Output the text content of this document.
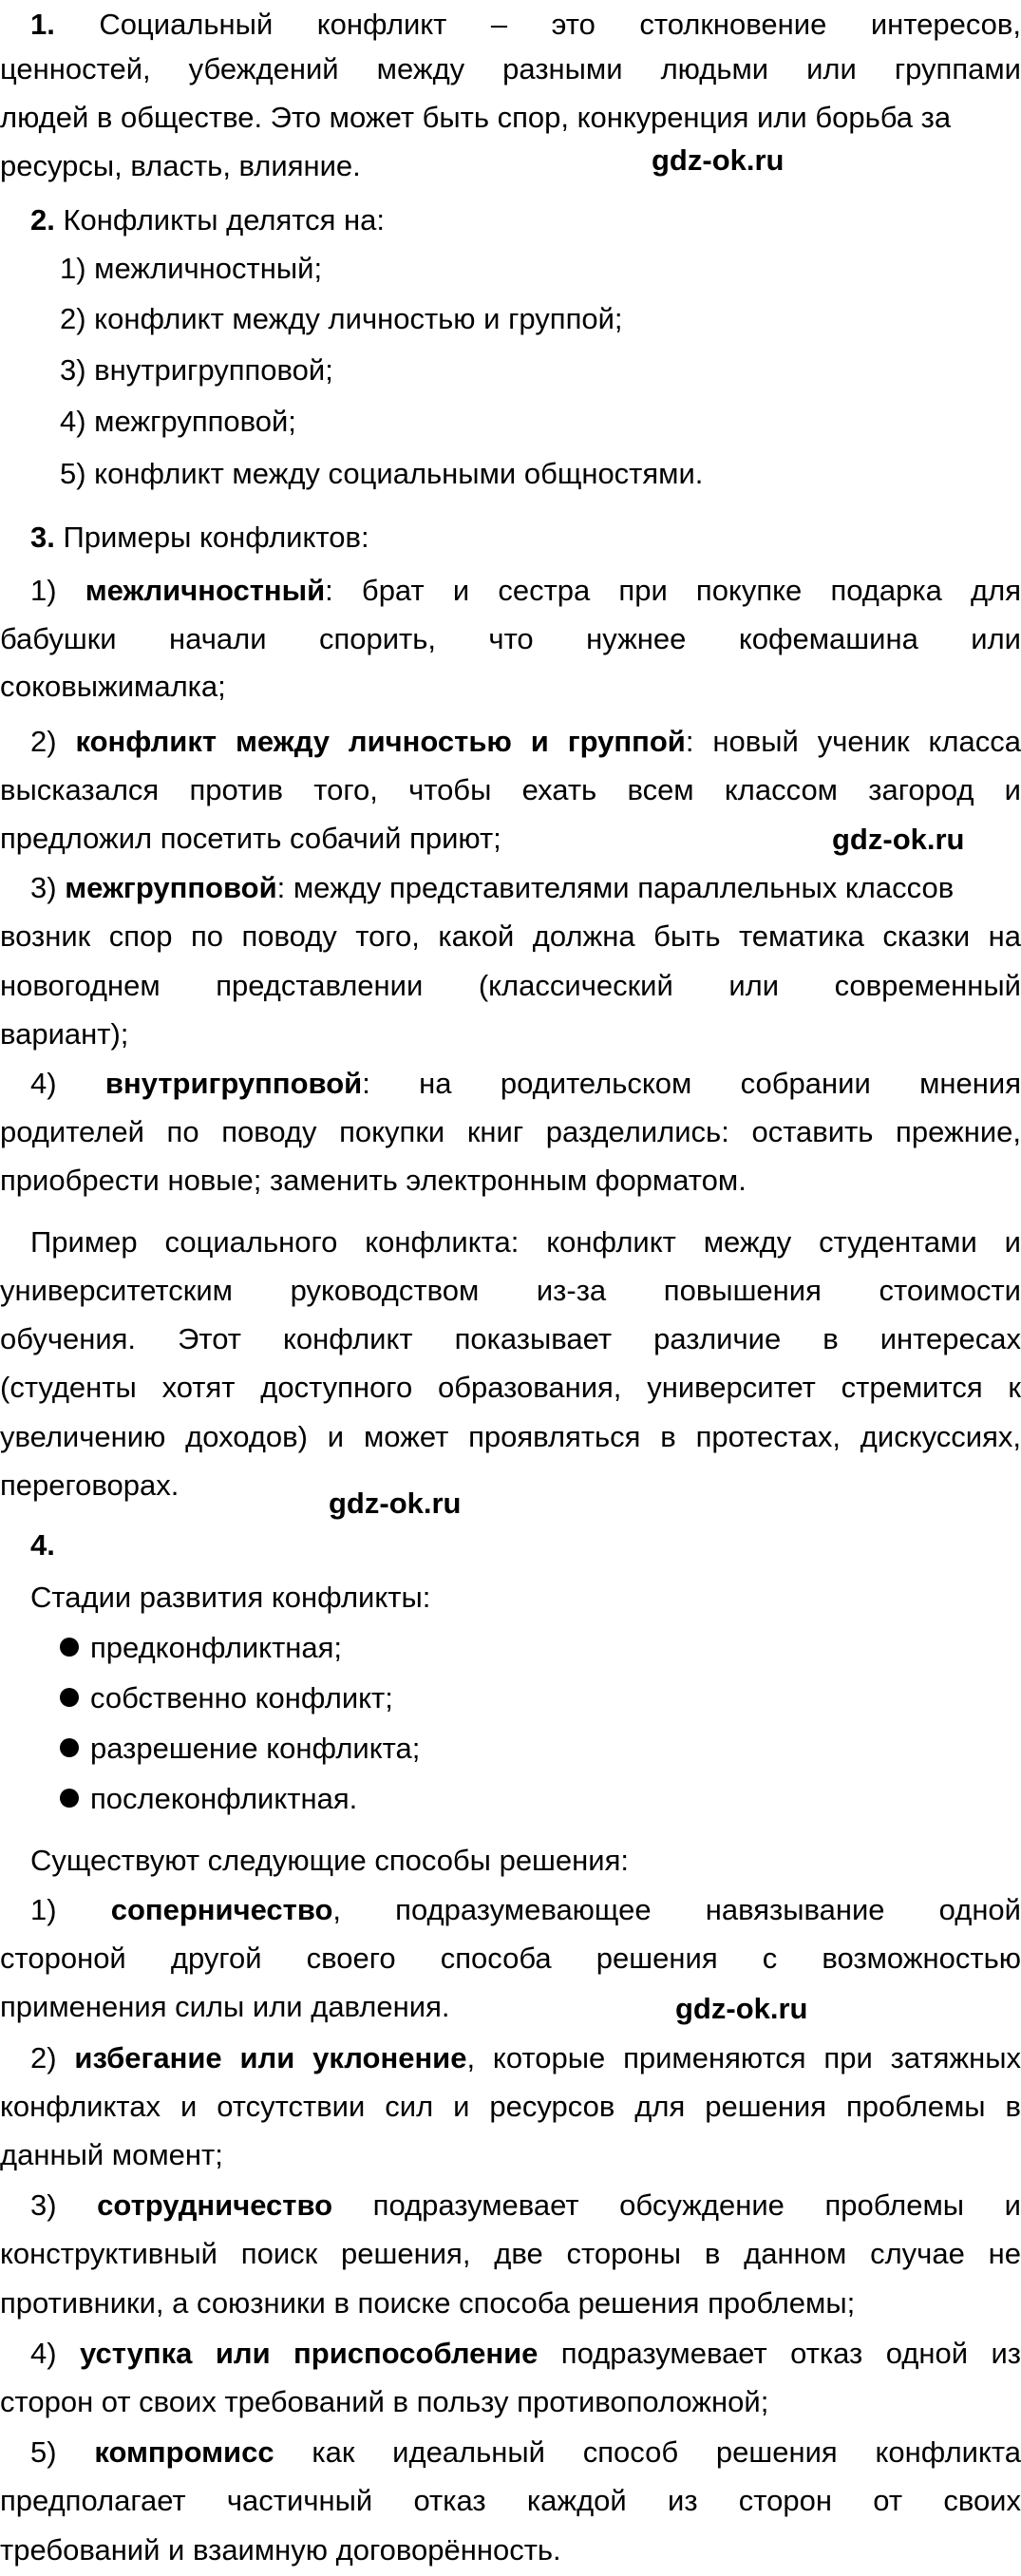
1. Социальный конфликт – это столкновение интересов,
ценностей, убеждений между разными людьми или группами
людей в обществе. Это может быть спор, конкуренция или борьба за
ресурсы, власть, влияние.
2. Конфликты делятся на:
1) межличностный;
2) конфликт между личностью и группой;
3) внутригрупповой;
4) межгрупповой;
5) конфликт между социальными общностями.
3. Примеры конфликтов:
1) межличностный: брат и сестра при покупке подарка для
бабушки начали спорить, что нужнее кофемашина или
соковыжималка;
2) конфликт между личностью и группой: новый ученик класса
высказался против того, чтобы ехать всем классом загород и
предложил посетить собачий приют;
3) межгрупповой: между представителями параллельных классов
возник спор по поводу того, какой должна быть тематика сказки на
новогоднем представлении (классический или современный
вариант);
4) внутригрупповой: на родительском собрании мнения
родителей по поводу покупки книг разделились: оставить прежние,
приобрести новые; заменить электронным форматом.
Пример социального конфликта: конфликт между студентами и
университетским руководством из-за повышения стоимости
обучения. Этот конфликт показывает различие в интересах
(студенты хотят доступного образования, университет стремится к
увеличению доходов) и может проявляться в протестах, дискуссиях,
переговорах.
4.
Стадии развития конфликты:
предконфликтная;
собственно конфликт;
разрешение конфликта;
послеконфликтная.
Существуют следующие способы решения:
1) соперничество, подразумевающее навязывание одной
стороной другой своего способа решения с возможностью
применения силы или давления.
2) избегание или уклонение, которые применяются при затяжных
конфликтах и отсутствии сил и ресурсов для решения проблемы в
данный момент;
3) сотрудничество подразумевает обсуждение проблемы и
конструктивный поиск решения, две стороны в данном случае не
противники, а союзники в поиске способа решения проблемы;
4) уступка или приспособление подразумевает отказ одной из
сторон от своих требований в пользу противоположной;
5) компромисс как идеальный способ решения конфликта
предполагает частичный отказ каждой из сторон от своих
требований и взаимную договорённость.
gdz-ok.ru
gdz-ok.ru
gdz-ok.ru
gdz-ok.ru
